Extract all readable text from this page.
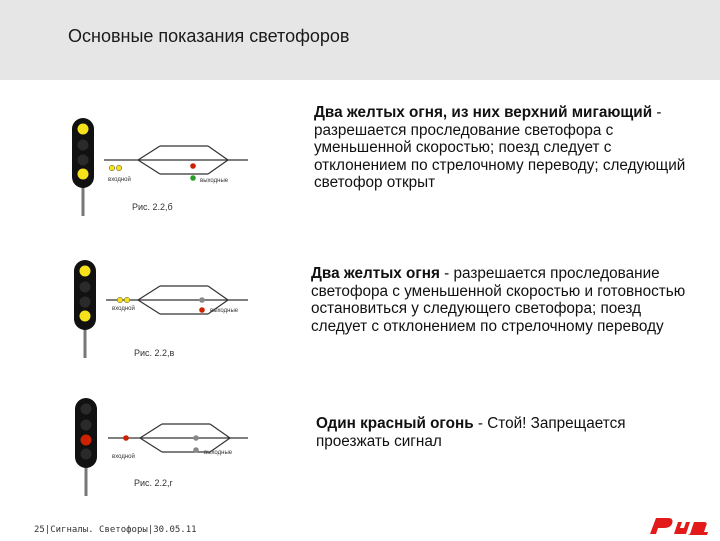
Основные показания светофоров
входной	выходные
Рис. 2.2,б
Два желтых огня, из них верхний мигающий - разрешается проследование светофора с уменьшенной скоростью; поезд следует с отклонением по стрелочному переводу; следующий светофор открыт
входной	выходные
Рис. 2.2,в
Два желтых огня - разрешается проследование светофора с уменьшенной скоростью и готовностью остановиться у следующего светофора; поезд следует с отклонением по стрелочному переводу
входной
выходные
Рис. 2.2,г
Один красный огонь - Стой! Запрещается проезжать сигнал
25|Сигналы. Светофоры|30.05.11
